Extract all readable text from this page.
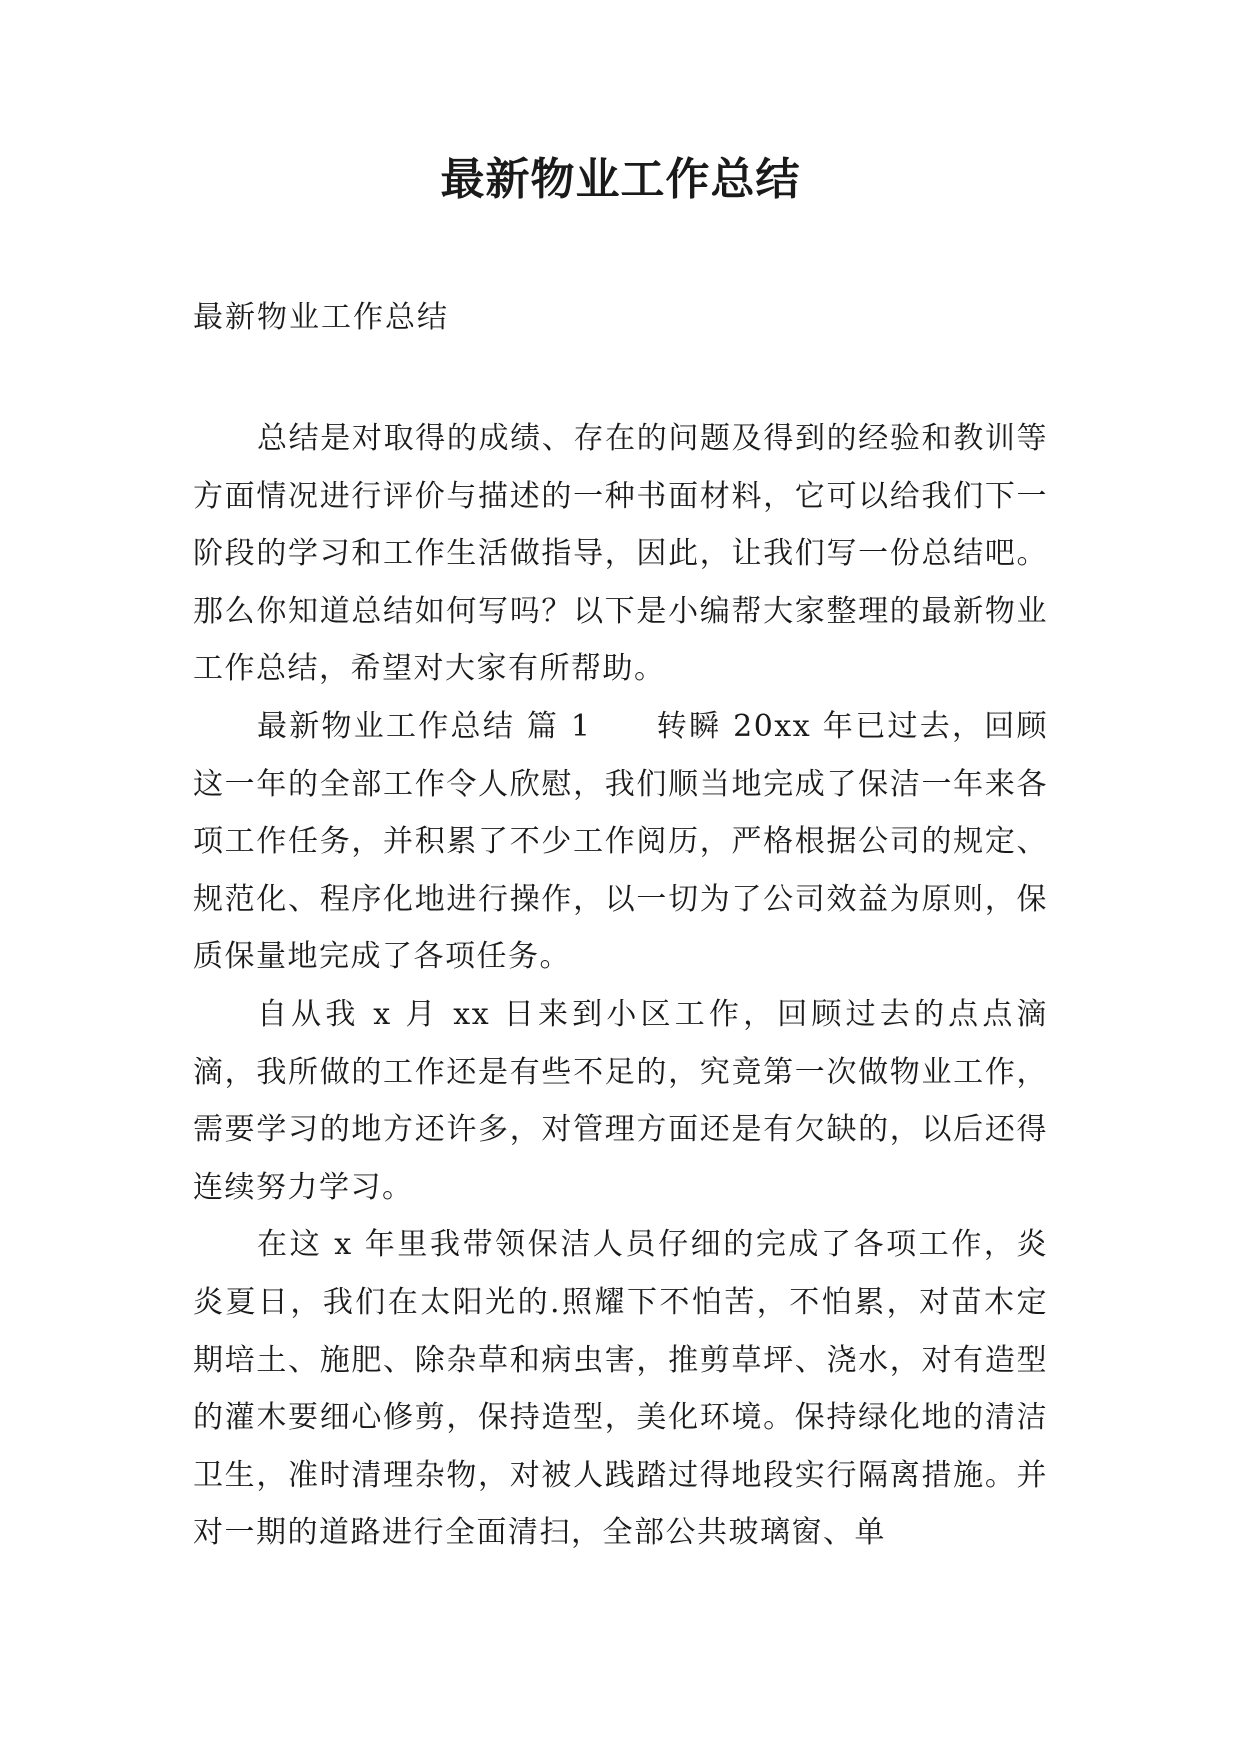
最新物业工作总结
最新物业工作总结

总结是对取得的成绩、存在的问题及得到的经验和教训等方面情况进行评价与描述的一种书面材料，它可以给我们下一阶段的学习和工作生活做指导，因此，让我们写一份总结吧。那么你知道总结如何写吗？以下是小编帮大家整理的最新物业工作总结，希望对大家有所帮助。

最新物业工作总结 篇 1　　转瞬 20xx 年已过去，回顾这一年的全部工作令人欣慰，我们顺当地完成了保洁一年来各项工作任务，并积累了不少工作阅历，严格根据公司的规定、规范化、程序化地进行操作，以一切为了公司效益为原则，保质保量地完成了各项任务。

自从我 x 月 xx 日来到小区工作，回顾过去的点点滴滴，我所做的工作还是有些不足的，究竟第一次做物业工作，需要学习的地方还许多，对管理方面还是有欠缺的，以后还得连续努力学习。

在这 x 年里我带领保洁人员仔细的完成了各项工作，炎炎夏日，我们在太阳光的.照耀下不怕苦，不怕累，对苗木定期培土、施肥、除杂草和病虫害，推剪草坪、浇水，对有造型的灌木要细心修剪，保持造型，美化环境。保持绿化地的清洁卫生，准时清理杂物，对被人践踏过得地段实行隔离措施。并对一期的道路进行全面清扫，全部公共玻璃窗、单
